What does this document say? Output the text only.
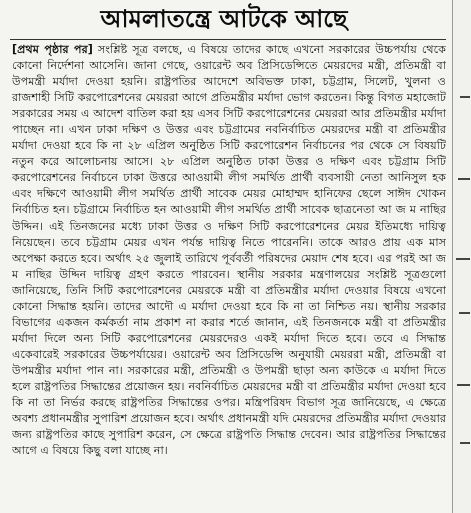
আমলাতন্ত্রে আটকে আছে
[প্রথম পৃষ্ঠার পর] সংশ্লিষ্ট সূত্র বলছে, এ বিষয়ে তাদের কাছে এখনো সরকারের উচ্চপর্যায় থেকে কোনো নির্দেশনা আসেনি। জানা গেছে, ওয়ারেন্ট অব প্রিসিডেন্সিতে মেয়রদের মন্ত্রী, প্রতিমন্ত্রী বা উপমন্ত্রী মর্যাদা দেওয়া হয়নি। রাষ্ট্রপতির আদেশে অবিভক্ত ঢাকা, চট্টগ্রাম, সিলেট, খুলনা ও রাজশাহী সিটি করপোরেশনের মেয়ররা আগে প্রতিমন্ত্রীর মর্যাদা ভোগ করতেন। কিন্তু বিগত মহাজোট সরকারের সময় এ আদেশ বাতিল করা হয় এসব সিটি করপোরেশনের মেয়ররা আর প্রতিমন্ত্রীর মর্যাদা পাচ্ছেন না। এখন ঢাকা দক্ষিণ ও উত্তর এবং চট্টগ্রামের নবনির্বাচিত মেয়রদের মন্ত্রী বা প্রতিমন্ত্রীর মর্যাদা দেওয়া হবে কি না ২৮ এপ্রিল অনুষ্ঠিত সিটি করপোরেশন নির্বাচনের পর থেকে সে বিষয়টি নতুন করে আলোচনায় আসে। ২৮ এপ্রিল অনুষ্ঠিত ঢাকা উত্তর ও দক্ষিণ এবং চট্টগ্রাম সিটি করপোরেশনের নির্বাচনে ঢাকা উত্তরে আওয়ামী লীগ সমর্থিত প্রার্থী ব্যবসায়ী নেতা আনিসুল হক এবং দক্ষিণে আওয়ামী লীগ সমর্থিত প্রার্থী সাবেক মেয়র মোহাম্মদ হানিফের ছেলে সাঈদ খোকন নির্বাচিত হন। চট্টগ্রামে নির্বাচিত হন আওয়ামী লীগ সমর্থিত প্রার্থী সাবেক ছাত্রনেতা আ জ ম নাছির উদ্দিন। এই তিনজনের মধ্যে ঢাকা উত্তর ও দক্ষিণ সিটি করপোরেশনের মেয়র ইতিমধ্যে দায়িত্ব নিয়েছেন। তবে চট্টগ্রাম মেয়র এখন পর্যন্ত দায়িত্ব নিতে পারেননি। তাকে আরও প্রায় এক মাস অপেক্ষা করতে হবে। অর্থাৎ ২৫ জুলাই তারিখে পূর্ববর্তী পরিষদের মেয়াদ শেষ হবে। এর পরই আ জ ম নাছির উদ্দিন দায়িত্ব গ্রহণ করতে পারবেন। স্থানীয় সরকার মন্ত্রণালয়ের সংশ্লিষ্ট সূত্রগুলো জানিয়েছে, তিনি সিটি করপোরেশনের মেয়রকে মন্ত্রী বা প্রতিমন্ত্রীর মর্যাদা দেওয়ার বিষয়ে এখনো কোনো সিদ্ধান্ত হয়নি। তাদের আদৌ এ মর্যাদা দেওয়া হবে কি না তা নিশ্চিত নয়। স্থানীয় সরকার বিভাগের একজন কর্মকর্তা নাম প্রকাশ না করার শর্তে জানান, এই তিনজনকে মন্ত্রী বা প্রতিমন্ত্রীর মর্যাদা দিলে অন্য সিটি করপোরেশনের মেয়রদেরও একই মর্যাদা দিতে হবে। তবে এ সিদ্ধান্ত একেবারেই সরকারের উচ্চপর্যায়ের। ওয়ারেন্ট অব প্রিসিডেন্সি অনুযায়ী মেয়ররা মন্ত্রী, প্রতিমন্ত্রী বা উপমন্ত্রীর মর্যাদা পান না। সরকারের মন্ত্রী, প্রতিমন্ত্রী ও উপমন্ত্রী ছাড়া অন্য কাউকে এ মর্যাদা দিতে হলে রাষ্ট্রপতির সিদ্ধান্তের প্রয়োজন হয়। নবনির্বাচিত মেয়রদের মন্ত্রী বা প্রতিমন্ত্রীর মর্যাদা দেওয়া হবে কি না তা নির্ভর করছে রাষ্ট্রপতির সিদ্ধান্তের ওপর। মন্ত্রিপরিষদ বিভাগ সূত্র জানিয়েছে, এ ক্ষেত্রে অবশ্য প্রধানমন্ত্রীর সুপারিশ প্রয়োজন হবে। অর্থাৎ প্রধানমন্ত্রী যদি মেয়রদের প্রতিমন্ত্রীর মর্যাদা দেওয়ার জন্য রাষ্ট্রপতির কাছে সুপারিশ করেন, সে ক্ষেত্রে রাষ্ট্রপতি সিদ্ধান্ত দেবেন। আর রাষ্ট্রপতির সিদ্ধান্তের আগে এ বিষয়ে কিছু বলা যাচ্ছে না।
